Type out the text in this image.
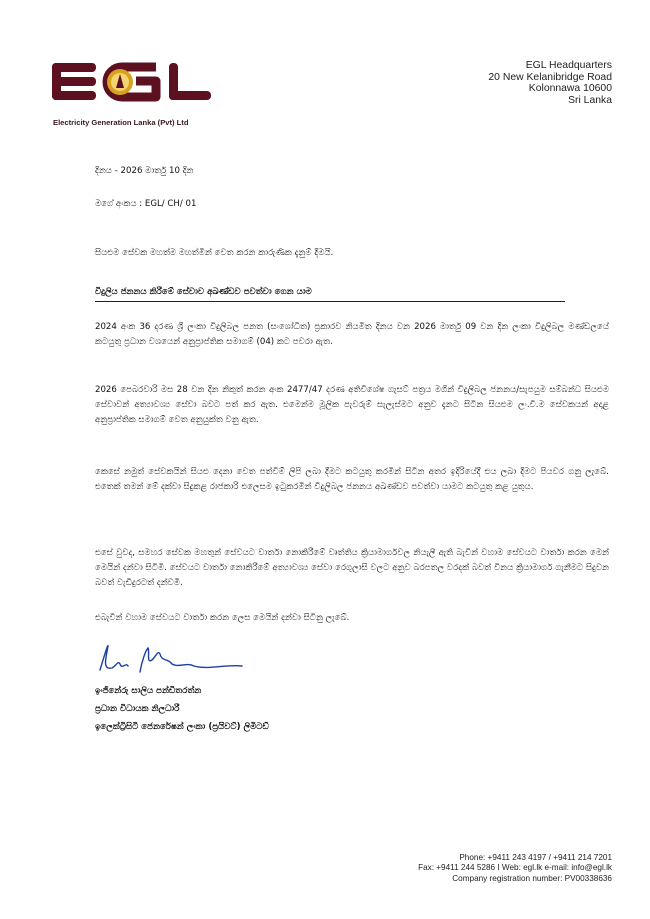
Electricity Generation Lanka (Pvt) Ltd
EGL Headquarters
20 New Kelanibridge Road
Kolonnawa 10600
Sri Lanka
දිනය - 2026 මාර්තු 10 දින
මගේ අංකය : EGL/ CH/ 01
සියළුම සේවක මහත්ම මහත්මීන් වෙත කරන කාරුණික දැනුම් දීමයි.
විදුලිය ජනනය කිරීමේ සේවාව අඛණ්ඩව පවත්වා ගෙන යාම
2024 අංක 36 දරණ ශ්‍රී ලංකා විදුලිබල පනත (සංශෝධිත) ප්‍රකාරව නියමිත දිනය වන 2026 මාර්තු 09 වන දින ලංකා විදුලිබල මණ්ඩලයේ කටයුතු ප්‍රධාන වශයෙන් අනුප්‍රාප්තික සමාගම් (04) කට පවරා ඇත.
2026 පෙබරවාරි මස 28 වන දින නිකුත් කරන අංක 2477/47 දරණ අතිවිශේෂ ගැසට් පත්‍රය මගින් විදුලිබල ජනනය/සැපයුම සම්බන්ධ සියළුම සේවාවන් අත්‍යාවශ්‍ය සේවා බවට පත් කර ඇත. එමෙන්ම මූලික පැවරුම් සැලැස්මට අනුව දැනට සිටින සියළුම ලං.වි.ම සේවකයන් අදාළ අනුප්‍රාප්තික සමාගම් වෙත අනුයුක්ත වනු ඇත.
කෙසේ නමුත් සේවකයින් සියළු දෙනා වෙත පත්වීම් ලිපි ලබා දීමට කටයුතු කරමින් සිටින අතර ඉදිරියේදී එය ලබා දීමට පියවර ගනු ලැබේ. එතෙක් තමන් මේ දක්වා සිදුකළ රාජකාරි එලෙසම ඉටුකරමින් විදුලිබල ජනනය අඛණ්ඩව පවත්වා යාමට කටයුතු කළ යුතුය.
එසේ වුවද, සමහර සේවක මහතුන් සේවයට වාර්තා නොකිරීමේ වෘත්තිය ක්‍රියාමාර්ගවල නියැලී ඇති බැවින් වහාම සේවයට වාර්තා කරන මෙන් මෙයින් දන්වා සිටිමි. සේවයට වාර්තා නොකිරීමේ අත්‍යාවශ්‍ය සේවා රෙගුලාසි වලට අනුව බරපතල වරදක් බවත් විනය ක්‍රියාමාර්ග ගැනීමට සිදුවන බවත් වැඩිදුරටත් දන්වමි.
එබැවින් වහාම සේවයට වාර්තා කරන ලෙස මෙයින් දන්වා සිටිනු ලැබේ.
ඉංජිනේරු සාලිය පන්ඩිතරත්න
ප්‍රධාන විධායක නිලධාරී
ඉලෙක්ට්‍රිසිටි ජෙනරේෂන් ලංකා (ප්‍රයිවට්) ලිමිටඩ්
Phone: +9411 243 4197 / +9411 214 7201
Fax: +9411 244 5286 I Web: egl.lk e-mail: info@egl.lk
Company registration number: PV00338636
